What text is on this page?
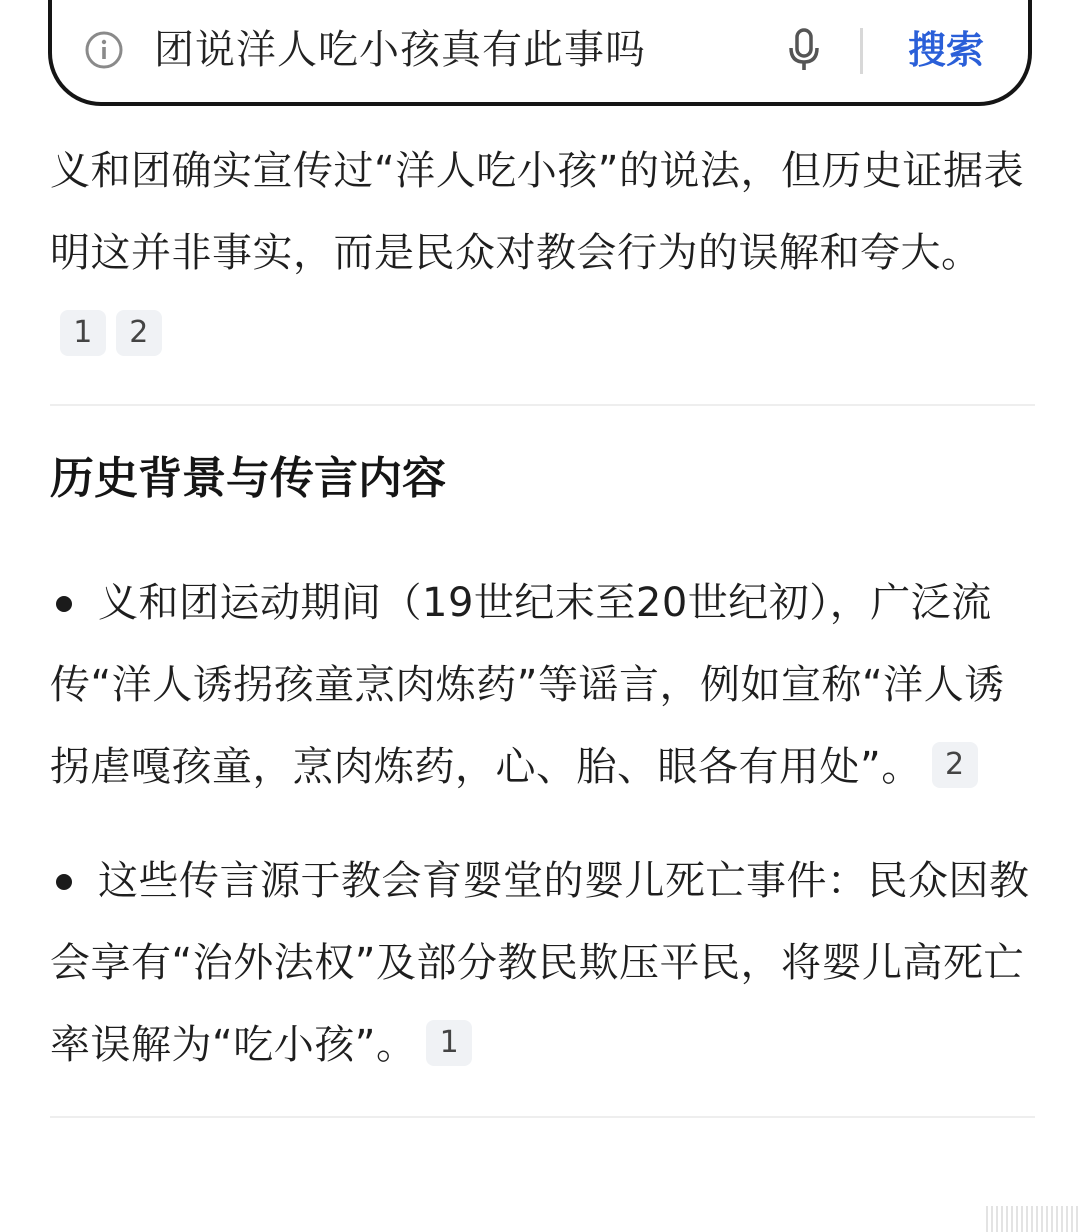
团说洋人吃小孩真有此事吗	搜索

义和团确实宣传过“洋人吃小孩”的说法，但历史证据表明这并非事实，而是民众对教会行为的误解和夸大。1 2

历史背景与传言内容

义和团运动期间（19世纪末至20世纪初），广泛流传“洋人诱拐孩童烹肉炼药”等谣言，例如宣称“洋人诱拐虐嘎孩童，烹肉炼药，心、胎、眼各有用处”。 2

这些传言源于教会育婴堂的婴儿死亡事件：民众因教会享有“治外法权”及部分教民欺压平民，将婴儿高死亡率误解为“吃小孩”。 1
